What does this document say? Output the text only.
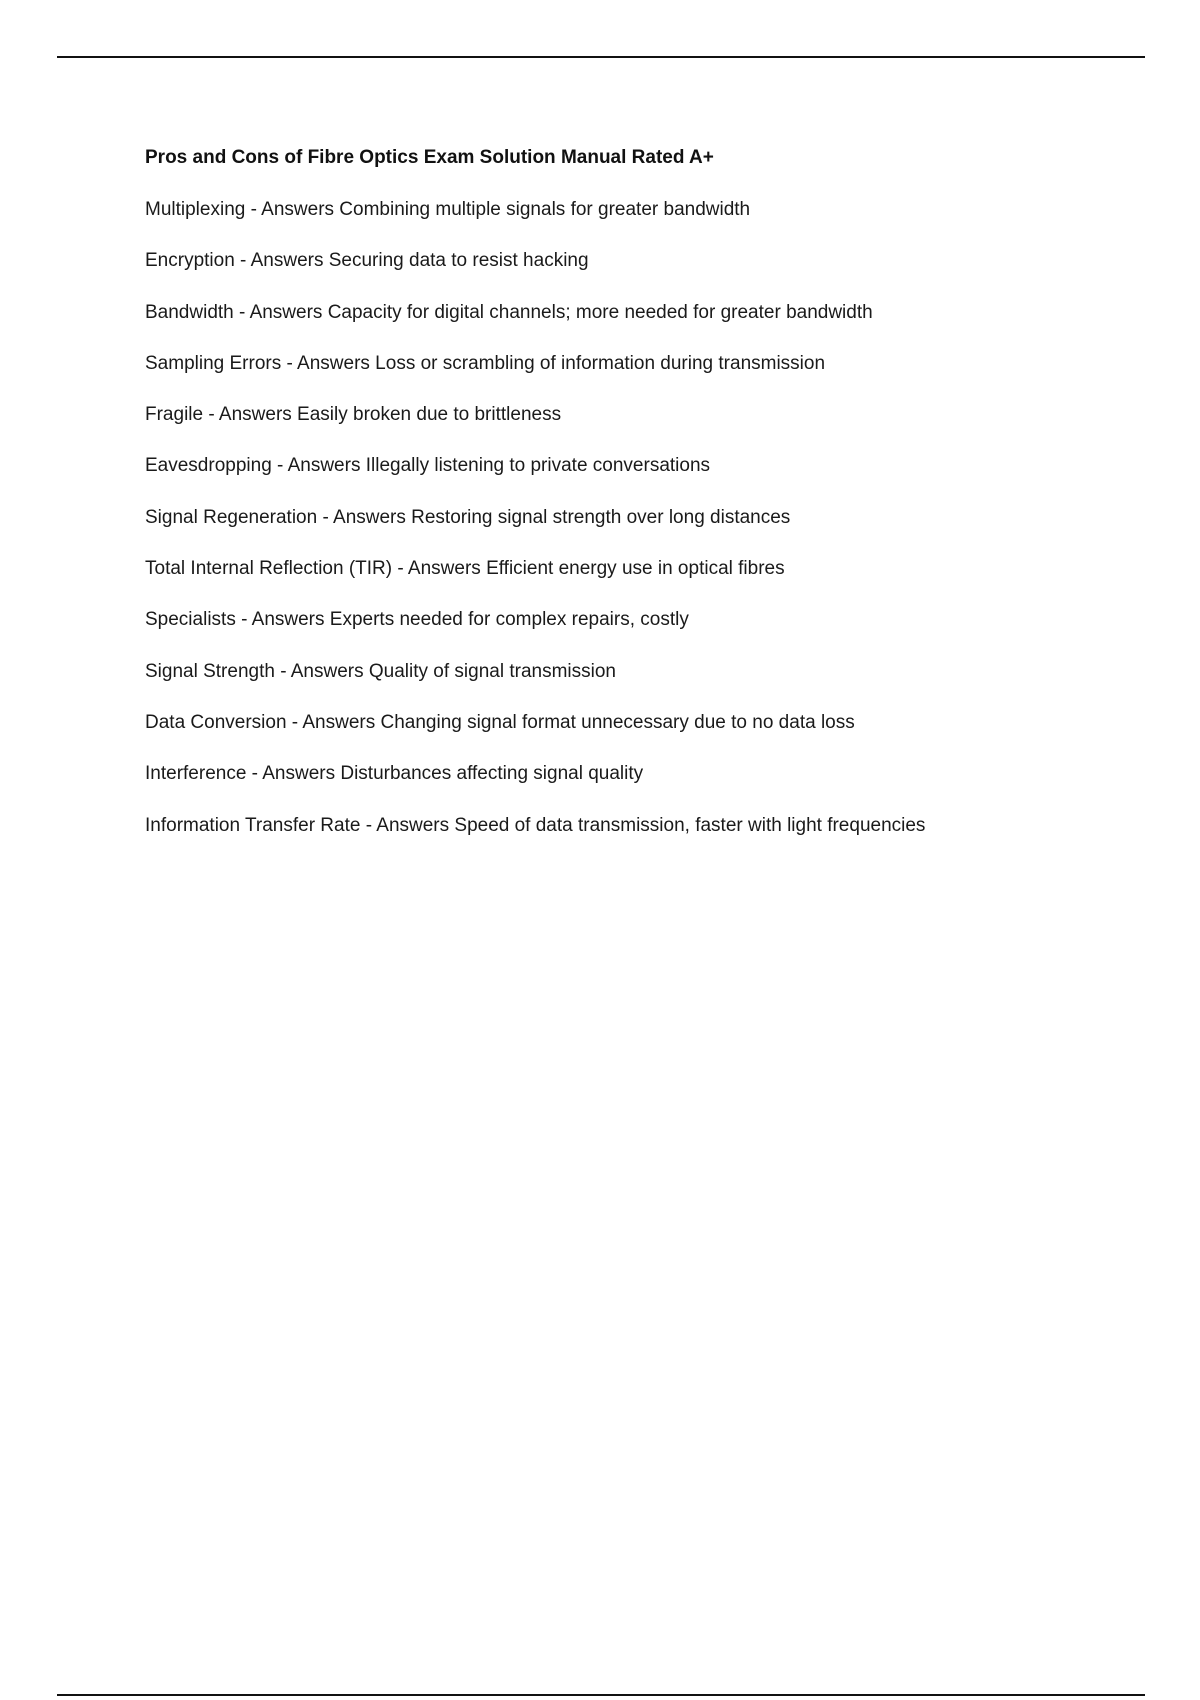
Pros and Cons of Fibre Optics Exam Solution Manual Rated A+
Multiplexing - Answers Combining multiple signals for greater bandwidth
Encryption - Answers Securing data to resist hacking
Bandwidth - Answers Capacity for digital channels; more needed for greater bandwidth
Sampling Errors - Answers Loss or scrambling of information during transmission
Fragile - Answers Easily broken due to brittleness
Eavesdropping - Answers Illegally listening to private conversations
Signal Regeneration - Answers Restoring signal strength over long distances
Total Internal Reflection (TIR) - Answers Efficient energy use in optical fibres
Specialists - Answers Experts needed for complex repairs, costly
Signal Strength - Answers Quality of signal transmission
Data Conversion - Answers Changing signal format unnecessary due to no data loss
Interference - Answers Disturbances affecting signal quality
Information Transfer Rate - Answers Speed of data transmission, faster with light frequencies
